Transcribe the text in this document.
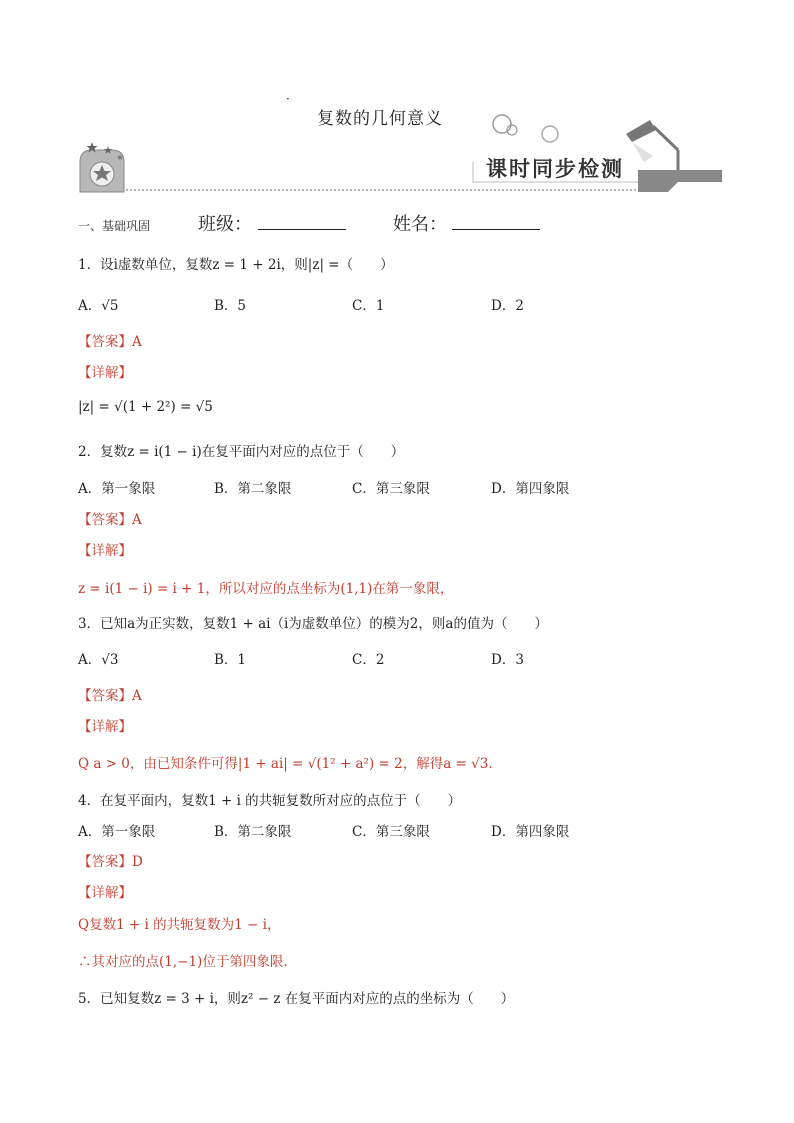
·
复数的几何意义
课时同步检测
一、基础巩固	班级：	姓名：
1．设i虚数单位，复数z = 1 + 2i，则|z| =（　　）
A．√5	B．5	C．1	D．2
【答案】A
【详解】
|z| = √(1 + 2²) = √5
2．复数z = i(1 − i)在复平面内对应的点位于（　　）
A．第一象限	B．第二象限	C．第三象限	D．第四象限
【答案】A
【详解】
z = i(1 − i) = i + 1，所以对应的点坐标为(1,1)在第一象限，
3．已知a为正实数，复数1 + ai（i为虚数单位）的模为2，则a的值为（　　）
A．√3	B．1	C．2	D．3
【答案】A
【详解】
Q a > 0，由已知条件可得|1 + ai| = √(1² + a²) = 2，解得a = √3.
4．在复平面内，复数1 + i 的共轭复数所对应的点位于（　　）
A．第一象限	B．第二象限	C．第三象限	D．第四象限
【答案】D
【详解】
Q复数1 + i 的共轭复数为1 − i，
∴其对应的点(1,−1)位于第四象限.
5．已知复数z = 3 + i，则z² − z 在复平面内对应的点的坐标为（　　）
